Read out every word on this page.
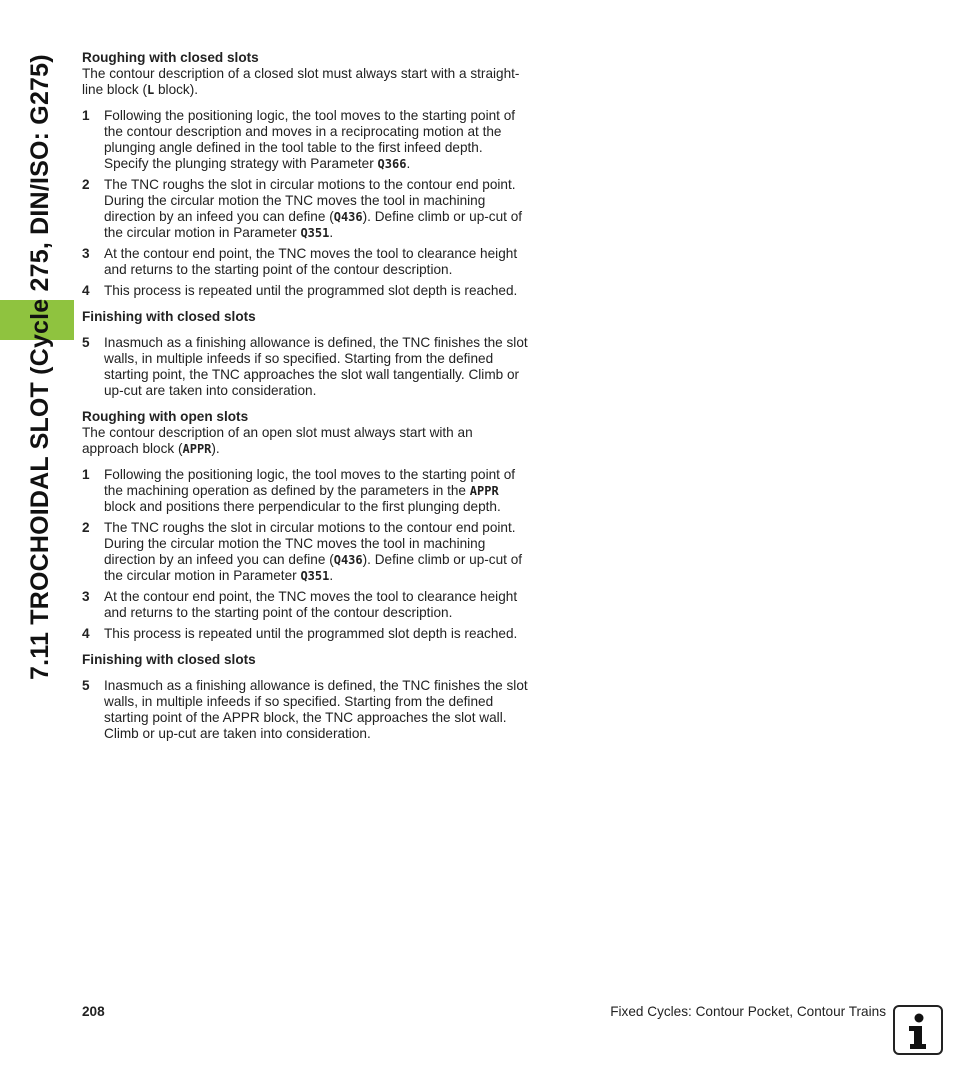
7.11 TROCHOIDAL SLOT (Cycle 275, DIN/ISO: G275)	Roughing with closed slots

The contour description of a closed slot must always start with a straight-line block (L block).

1	Following the positioning logic, the tool moves to the starting point of the contour description and moves in a reciprocating motion at the plunging angle defined in the tool table to the first infeed depth. Specify the plunging strategy with Parameter Q366.
2	The TNC roughs the slot in circular motions to the contour end point. During the circular motion the TNC moves the tool in machining direction by an infeed you can define (Q436). Define climb or up-cut of the circular motion in Parameter Q351.
3	At the contour end point, the TNC moves the tool to clearance height and returns to the starting point of the contour description.
4	This process is repeated until the programmed slot depth is reached.
Finishing with closed slots
5	Inasmuch as a finishing allowance is defined, the TNC finishes the slot walls, in multiple infeeds if so specified. Starting from the defined starting point, the TNC approaches the slot wall tangentially. Climb or up-cut are taken into consideration.
Roughing with open slots

The contour description of an open slot must always start with an approach block (APPR).

1	Following the positioning logic, the tool moves to the starting point of the machining operation as defined by the parameters in the APPR block and positions there perpendicular to the first plunging depth.
2	The TNC roughs the slot in circular motions to the contour end point. During the circular motion the TNC moves the tool in machining direction by an infeed you can define (Q436). Define climb or up-cut of the circular motion in Parameter Q351.
3	At the contour end point, the TNC moves the tool to clearance height and returns to the starting point of the contour description.
4	This process is repeated until the programmed slot depth is reached.
Finishing with closed slots
5	Inasmuch as a finishing allowance is defined, the TNC finishes the slot walls, in multiple infeeds if so specified. Starting from the defined starting point of the APPR block, the TNC approaches the slot wall. Climb or up-cut are taken into consideration.
208	Fixed Cycles: Contour Pocket, Contour Trains
